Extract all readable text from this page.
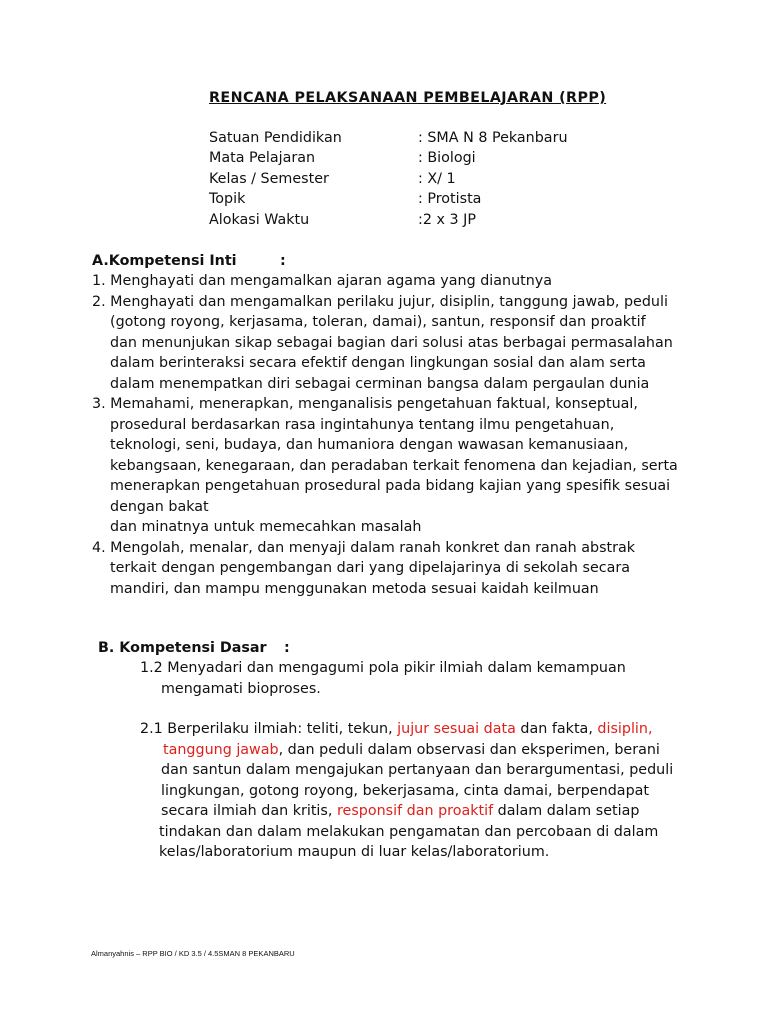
RENCANA PELAKSANAAN PEMBELAJARAN (RPP)
Satuan Pendidikan	: SMA N 8 Pekanbaru
Mata Pelajaran	: Biologi
Kelas / Semester	: X/ 1
Topik	: Protista
Alokasi Waktu	:2 x 3 JP
A.Kompetensi Inti	:
1. Menghayati dan mengamalkan ajaran agama yang dianutnya
2. Menghayati dan mengamalkan perilaku jujur, disiplin, tanggung jawab, peduli
(gotong royong, kerjasama, toleran, damai), santun, responsif dan proaktif
dan menunjukan sikap sebagai bagian dari solusi atas berbagai permasalahan
dalam berinteraksi secara efektif dengan lingkungan sosial dan alam serta
dalam menempatkan diri sebagai cerminan bangsa dalam pergaulan dunia
3. Memahami, menerapkan, menganalisis pengetahuan faktual, konseptual,
prosedural berdasarkan rasa ingintahunya tentang ilmu pengetahuan,
teknologi, seni, budaya, dan humaniora dengan wawasan kemanusiaan,
kebangsaan, kenegaraan, dan peradaban terkait fenomena dan kejadian, serta
menerapkan pengetahuan prosedural pada bidang kajian yang spesifik sesuai
dengan bakat
dan minatnya untuk memecahkan masalah
4. Mengolah, menalar, dan menyaji dalam ranah konkret dan ranah abstrak
terkait dengan pengembangan dari yang dipelajarinya di sekolah secara
mandiri, dan mampu menggunakan metoda sesuai kaidah keilmuan
B. Kompetensi Dasar :
1.2 Menyadari dan mengagumi pola pikir ilmiah dalam kemampuan
mengamati bioproses.
2.1 Berperilaku ilmiah: teliti, tekun, jujur sesuai data dan fakta, disiplin,
tanggung jawab, dan peduli dalam observasi dan eksperimen, berani
dan santun dalam mengajukan pertanyaan dan berargumentasi, peduli
lingkungan, gotong royong, bekerjasama, cinta damai, berpendapat
secara ilmiah dan kritis, responsif dan proaktif dalam dalam setiap
tindakan dan dalam melakukan pengamatan dan percobaan di dalam
kelas/laboratorium maupun di luar kelas/laboratorium.
Almanyahnis – RPP BIO / KD 3.5 / 4.5SMAN 8 PEKANBARU
